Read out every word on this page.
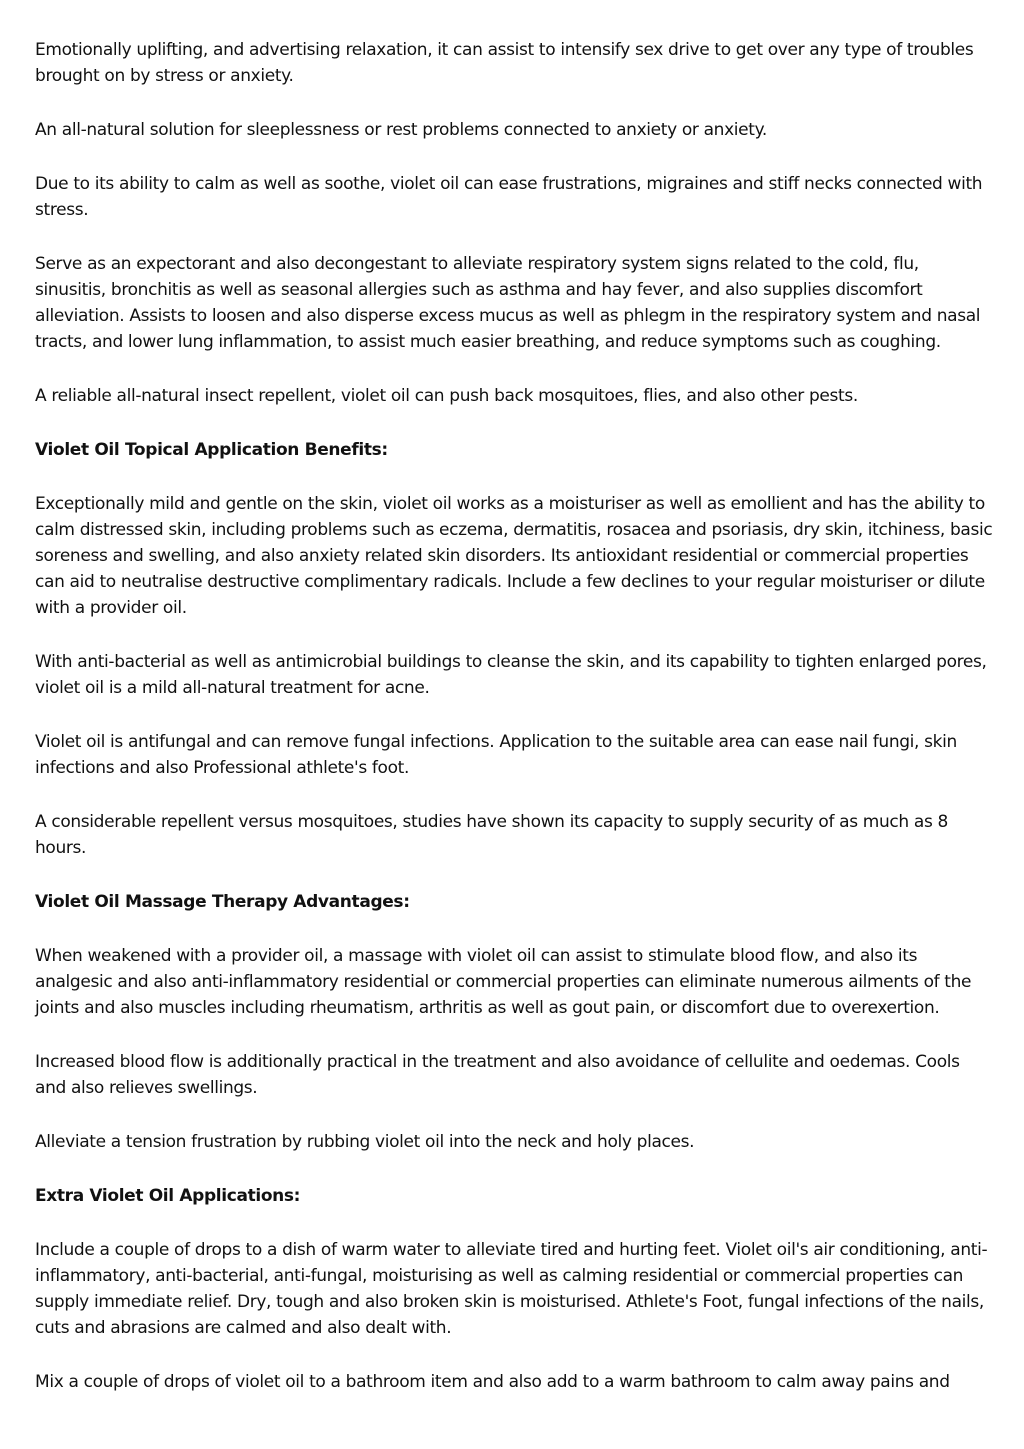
Emotionally uplifting, and advertising relaxation, it can assist to intensify sex drive to get over any type of troubles brought on by stress or anxiety.

An all-natural solution for sleeplessness or rest problems connected to anxiety or anxiety.

Due to its ability to calm as well as soothe, violet oil can ease frustrations, migraines and stiff necks connected with stress.

Serve as an expectorant and also decongestant to alleviate respiratory system signs related to the cold, flu, sinusitis, bronchitis as well as seasonal allergies such as asthma and hay fever, and also supplies discomfort alleviation. Assists to loosen and also disperse excess mucus as well as phlegm in the respiratory system and nasal tracts, and lower lung inflammation, to assist much easier breathing, and reduce symptoms such as coughing.

A reliable all-natural insect repellent, violet oil can push back mosquitoes, flies, and also other pests.

Violet Oil Topical Application Benefits:

Exceptionally mild and gentle on the skin, violet oil works as a moisturiser as well as emollient and has the ability to calm distressed skin, including problems such as eczema, dermatitis, rosacea and psoriasis, dry skin, itchiness, basic soreness and swelling, and also anxiety related skin disorders. Its antioxidant residential or commercial properties can aid to neutralise destructive complimentary radicals. Include a few declines to your regular moisturiser or dilute with a provider oil.

With anti-bacterial as well as antimicrobial buildings to cleanse the skin, and its capability to tighten enlarged pores, violet oil is a mild all-natural treatment for acne.

Violet oil is antifungal and can remove fungal infections. Application to the suitable area can ease nail fungi, skin infections and also Professional athlete's foot.

A considerable repellent versus mosquitoes, studies have shown its capacity to supply security of as much as 8 hours.

Violet Oil Massage Therapy Advantages:

When weakened with a provider oil, a massage with violet oil can assist to stimulate blood flow, and also its analgesic and also anti-inflammatory residential or commercial properties can eliminate numerous ailments of the joints and also muscles including rheumatism, arthritis as well as gout pain, or discomfort due to overexertion.

Increased blood flow is additionally practical in the treatment and also avoidance of cellulite and oedemas. Cools and also relieves swellings.

Alleviate a tension frustration by rubbing violet oil into the neck and holy places.

Extra Violet Oil Applications:

Include a couple of drops to a dish of warm water to alleviate tired and hurting feet. Violet oil's air conditioning, anti-inflammatory, anti-bacterial, anti-fungal, moisturising as well as calming residential or commercial properties can supply immediate relief. Dry, tough and also broken skin is moisturised. Athlete's Foot, fungal infections of the nails, cuts and abrasions are calmed and also dealt with.

Mix a couple of drops of violet oil to a bathroom item and also add to a warm bathroom to calm away pains and
